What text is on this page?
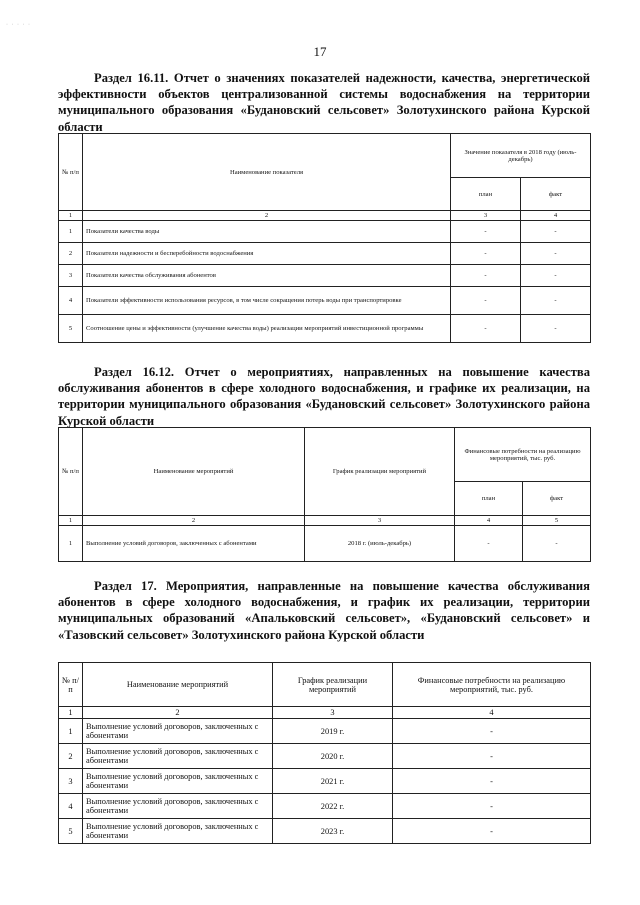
· · · · ·
17

Раздел 16.11. Отчет о значениях показателей надежности, качества, энергетической эффективности объектов централизованной системы водоснабжения на территории муниципального образования «Будановский сельсовет» Золотухинского района Курской области

№ п/п	Наименование показателя	Значение показателя в 2018 году (июль-декабрь)	
		план	факт
1	2	3	4
1	Показатели качества воды	-	-
2	Показатели надежности и бесперебойности водоснабжения	-	-
3	Показатели качества обслуживания абонентов	-	-
4	Показатели эффективности использования ресурсов, в том числе сокращения потерь воды при транспортировке	-	-
5	Соотношение цены и эффективности (улучшение качества воды) реализации мероприятий инвестиционной программы	-	-

Раздел 16.12. Отчет о мероприятиях, направленных на повышение качества обслуживания абонентов в сфере холодного водоснабжения, и графике их реализации, на территории муниципального образования «Будановский сельсовет» Золотухинского района Курской области

№ п/п	Наименование мероприятий	График реализации мероприятий	Финансовые потребности на реализацию мероприятий, тыс. руб.	
			план	факт
1	2	3	4	5
1	Выполнение условий договоров, заключенных с абонентами	2018 г. (июль-декабрь)	-	-

Раздел 17. Мероприятия, направленные на повышение качества обслуживания абонентов в сфере холодного водоснабжения, и график их реализации, территории муниципальных образований «Апальковский сельсовет», «Будановский сельсовет» и «Тазовский сельсовет» Золотухинского района Курской области

№ п/п	Наименование мероприятий	График реализации мероприятий	Финансовые потребности на реализацию мероприятий, тыс. руб.
1	2	3	4
1	Выполнение условий договоров, заключенных с абонентами	2019 г.	-
2	Выполнение условий договоров, заключенных с абонентами	2020 г.	-
3	Выполнение условий договоров, заключенных с абонентами	2021 г.	-
4	Выполнение условий договоров, заключенных с абонентами	2022 г.	-
5	Выполнение условий договоров, заключенных с абонентами	2023 г.	-
